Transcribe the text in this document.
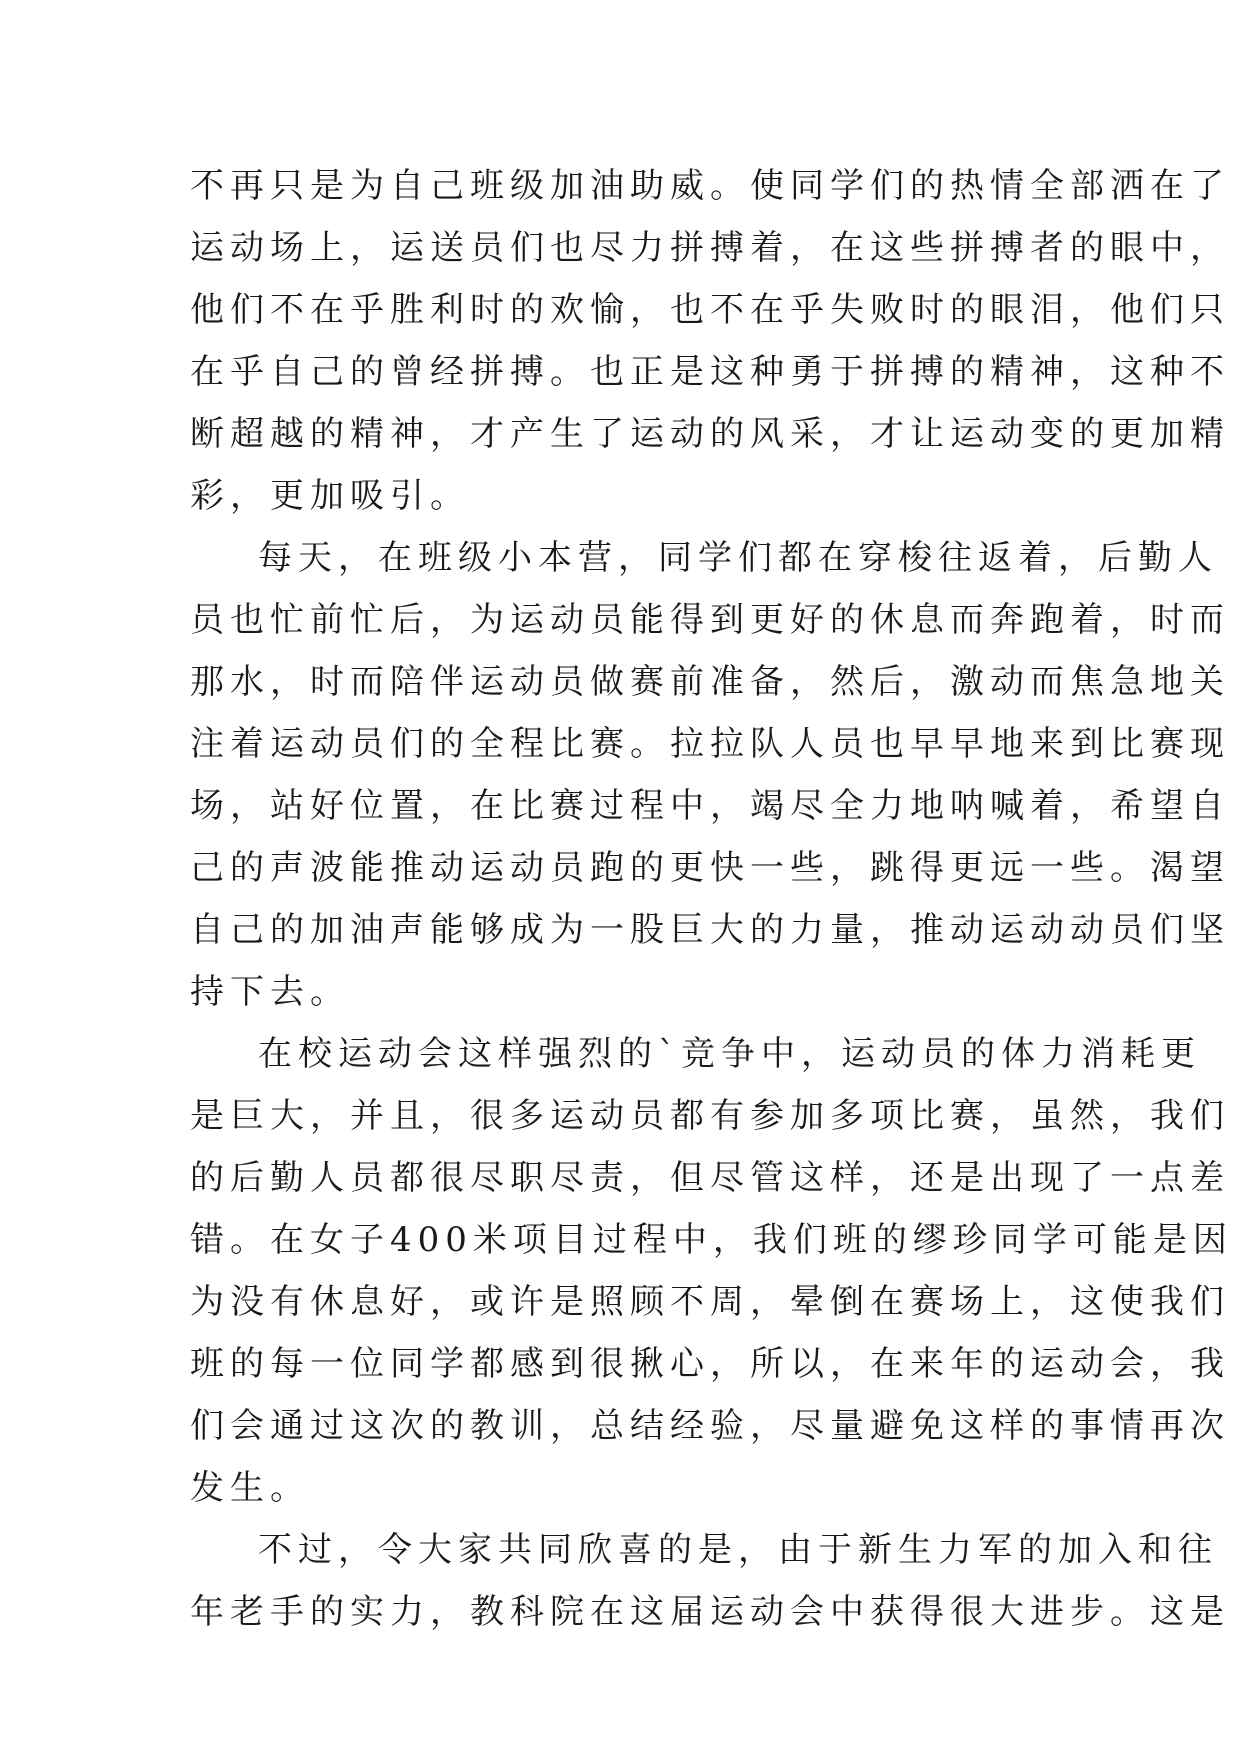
不再只是为自己班级加油助威。使同学们的热情全部洒在了
运动场上，运送员们也尽力拼搏着，在这些拼搏者的眼中，
他们不在乎胜利时的欢愉，也不在乎失败时的眼泪，他们只
在乎自己的曾经拼搏。也正是这种勇于拼搏的精神，这种不
断超越的精神，才产生了运动的风采，才让运动变的更加精
彩，更加吸引。
每天，在班级小本营，同学们都在穿梭往返着，后勤人
员也忙前忙后，为运动员能得到更好的休息而奔跑着，时而
那水，时而陪伴运动员做赛前准备，然后，激动而焦急地关
注着运动员们的全程比赛。拉拉队人员也早早地来到比赛现
场，站好位置，在比赛过程中，竭尽全力地呐喊着，希望自
己的声波能推动运动员跑的更快一些，跳得更远一些。渴望
自己的加油声能够成为一股巨大的力量，推动运动动员们坚
持下去。
在校运动会这样强烈的`竞争中，运动员的体力消耗更
是巨大，并且，很多运动员都有参加多项比赛，虽然，我们
的后勤人员都很尽职尽责，但尽管这样，还是出现了一点差
错。在女子400米项目过程中，我们班的缪珍同学可能是因
为没有休息好，或许是照顾不周，晕倒在赛场上，这使我们
班的每一位同学都感到很揪心，所以，在来年的运动会，我
们会通过这次的教训，总结经验，尽量避免这样的事情再次
发生。
不过，令大家共同欣喜的是，由于新生力军的加入和往
年老手的实力，教科院在这届运动会中获得很大进步。这是
